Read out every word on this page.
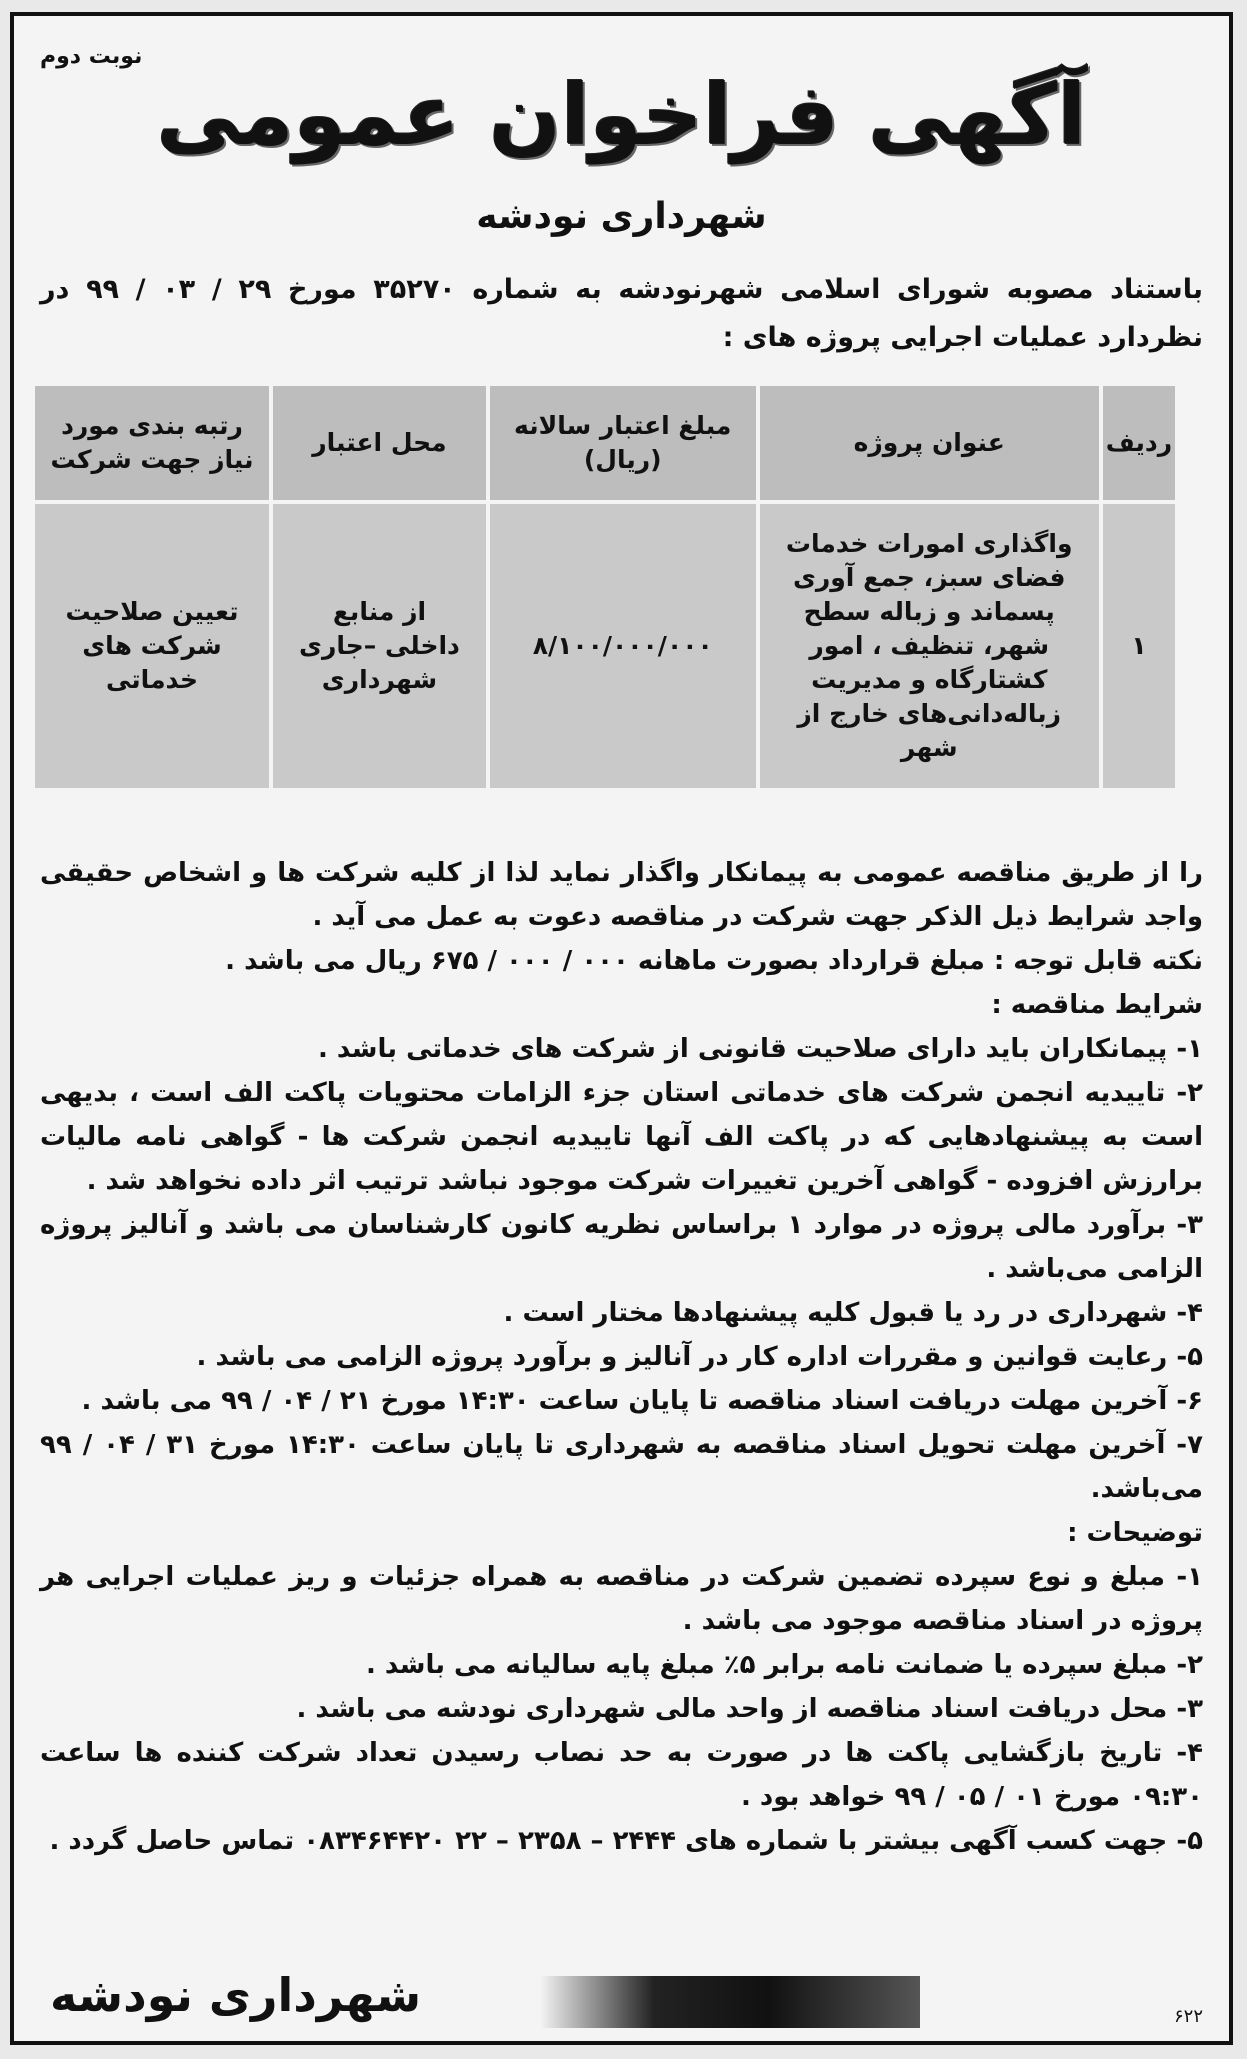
نوبت دوم
آگهی فراخوان عمومی
شهرداری نودشه
باستناد مصوبه شورای اسلامی شهرنودشه به شماره ۳۵۲۷۰ مورخ ۲۹ / ۰۳ / ۹۹ در نظردارد عملیات اجرایی پروژه های :
ردیف	عنوان پروژه	مبلغ اعتبار سالانه (ریال)	محل اعتبار	رتبه بندی مورد نیاز جهت شرکت
۱	واگذاری امورات خدمات فضای سبز، جمع آوری پسماند و زباله سطح شهر، تنظیف ، امور کشتارگاه و مدیریت زباله‌دانی‌های خارج از شهر	۸/۱۰۰/۰۰۰/۰۰۰	از منابع داخلی –جاری شهرداری	تعیین صلاحیت شرکت های خدماتی

را از طریق مناقصه عمومی به پیمانکار واگذار نماید لذا از کلیه شرکت ها و اشخاص حقیقی واجد شرایط ذیل الذکر جهت شرکت در مناقصه دعوت به عمل می آید .

نکته قابل توجه : مبلغ قرارداد بصورت ماهانه ۰۰۰ / ۰۰۰ / ۶۷۵ ریال می باشد .

شرایط مناقصه :

۱- پیمانکاران باید دارای صلاحیت قانونی از شرکت های خدماتی باشد .

۲- تاییدیه انجمن شرکت های خدماتی استان جزء الزامات محتویات پاکت الف است ، بدیهی است به پیشنهادهایی که در پاکت الف آنها تاییدیه انجمن شرکت ها - گواهی نامه مالیات برارزش افزوده - گواهی آخرین تغییرات شرکت موجود نباشد ترتیب اثر داده نخواهد شد .

۳- برآورد مالی پروژه در موارد ۱ براساس نظریه کانون کارشناسان می باشد و آنالیز پروژه الزامی می‌باشد .

۴- شهرداری در رد یا قبول کلیه پیشنهادها مختار است .

۵- رعایت قوانین و مقررات اداره کار در آنالیز و برآورد پروژه الزامی می باشد .

۶- آخرین مهلت دریافت اسناد مناقصه تا پایان ساعت ۱۴:۳۰ مورخ ۲۱ / ۰۴ / ۹۹ می باشد .

۷- آخرین مهلت تحویل اسناد مناقصه به شهرداری تا پایان ساعت ۱۴:۳۰ مورخ ۳۱ / ۰۴ / ۹۹ می‌باشد.

توضیحات :

۱- مبلغ و نوع سپرده تضمین شرکت در مناقصه به همراه جزئیات و ریز عملیات اجرایی هر پروژه در اسناد مناقصه موجود می باشد .

۲- مبلغ سپرده یا ضمانت نامه برابر ۵٪ مبلغ پایه سالیانه می باشد .

۳- محل دریافت اسناد مناقصه از واحد مالی شهرداری نودشه می باشد .

۴- تاریخ بازگشایی پاکت ها در صورت به حد نصاب رسیدن تعداد شرکت کننده ها ساعت ۰۹:۳۰ مورخ ۰۱ / ۰۵ / ۹۹ خواهد بود .

۵- جهت کسب آگهی بیشتر با شماره های ۲۴۴۴ – ۲۳۵۸ – ۲۲ ۰۸۳۴۶۴۴۲۰ تماس حاصل گردد .

شهرداری نودشه	۶۲۲
